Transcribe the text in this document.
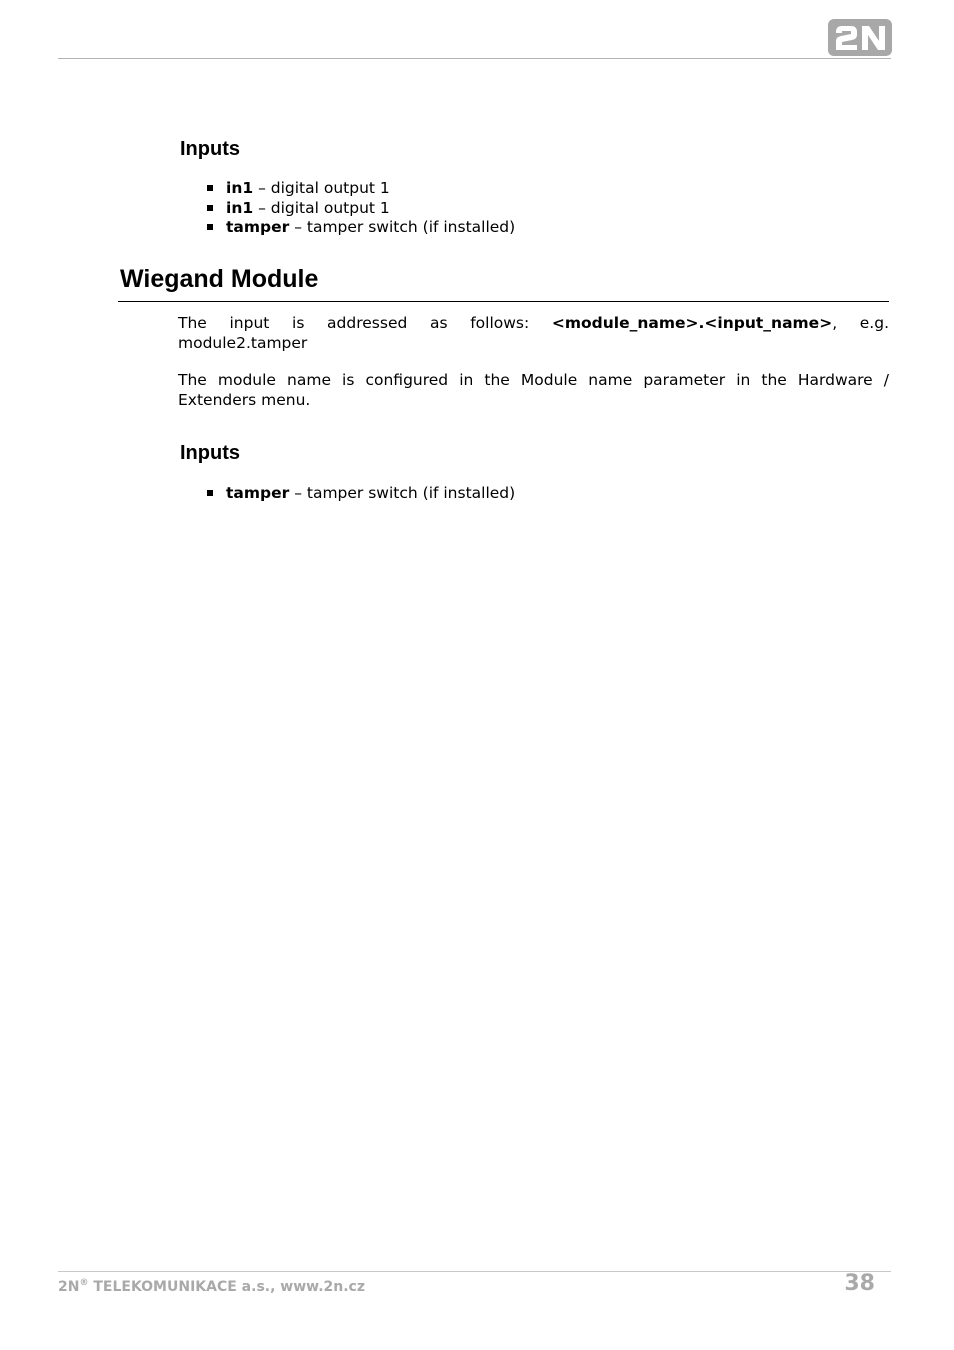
Inputs
in1 – digital output 1
in1 – digital output 1
tamper – tamper switch (if installed)
Wiegand Module
The input is addressed as follows: <module_name>.<input_name>, e.g. module2.tamper
The module name is configured in the Module name parameter in the Hardware / Extenders menu.
Inputs
tamper – tamper switch (if installed)
2N® TELEKOMUNIKACE a.s., www.2n.cz	38
